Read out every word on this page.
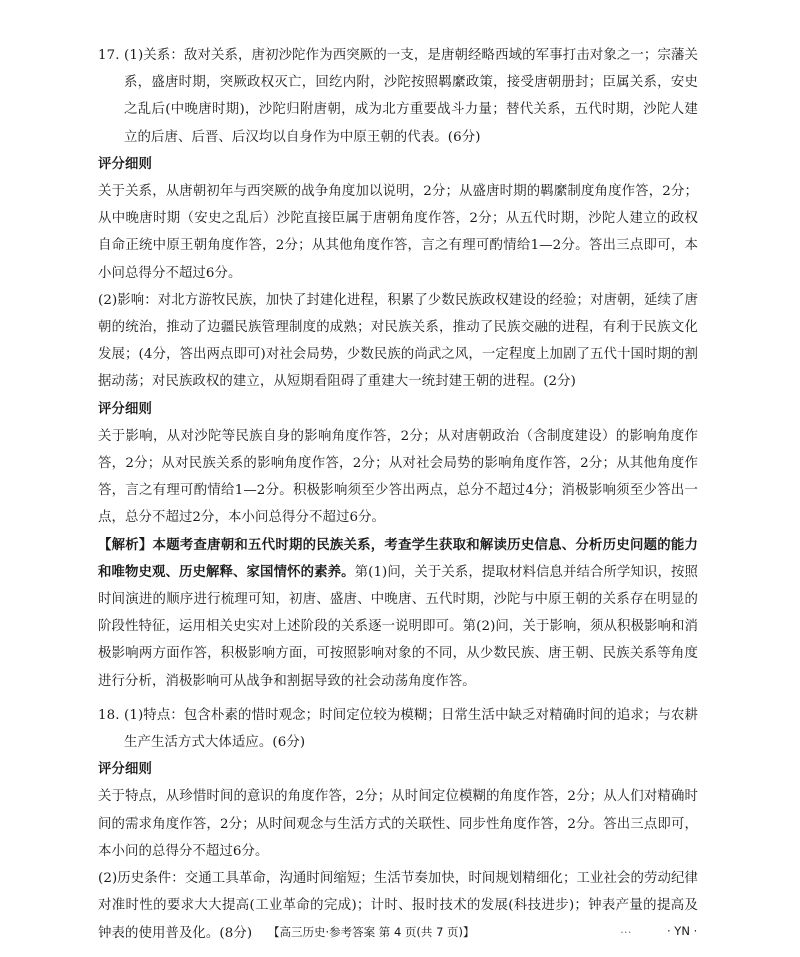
17. (1)关系：敌对关系，唐初沙陀作为西突厥的一支，是唐朝经略西域的军事打击对象之一；宗藩关系，盛唐时期，突厥政权灭亡，回纥内附，沙陀按照羁縻政策，接受唐朝册封；臣属关系，安史之乱后(中晚唐时期)，沙陀归附唐朝，成为北方重要战斗力量；替代关系，五代时期，沙陀人建立的后唐、后晋、后汉均以自身作为中原王朝的代表。(6分)
评分细则
关于关系，从唐朝初年与西突厥的战争角度加以说明，2分；从盛唐时期的羁縻制度角度作答，2分；从中晚唐时期（安史之乱后）沙陀直接臣属于唐朝角度作答，2分；从五代时期，沙陀人建立的政权自命正统中原王朝角度作答，2分；从其他角度作答，言之有理可酌情给1—2分。答出三点即可，本小问总得分不超过6分。
(2)影响：对北方游牧民族，加快了封建化进程，积累了少数民族政权建设的经验；对唐朝，延续了唐朝的统治，推动了边疆民族管理制度的成熟；对民族关系，推动了民族交融的进程，有利于民族文化发展；(4分，答出两点即可)对社会局势，少数民族的尚武之风，一定程度上加剧了五代十国时期的割据动荡；对民族政权的建立，从短期看阻碍了重建大一统封建王朝的进程。(2分)
评分细则
关于影响，从对沙陀等民族自身的影响角度作答，2分；从对唐朝政治（含制度建设）的影响角度作答，2分；从对民族关系的影响角度作答，2分；从对社会局势的影响角度作答，2分；从其他角度作答，言之有理可酌情给1—2分。积极影响须至少答出两点，总分不超过4分；消极影响须至少答出一点，总分不超过2分，本小问总得分不超过6分。
【解析】本题考查唐朝和五代时期的民族关系，考查学生获取和解读历史信息、分析历史问题的能力和唯物史观、历史解释、家国情怀的素养。第(1)问，关于关系，提取材料信息并结合所学知识，按照时间演进的顺序进行梳理可知，初唐、盛唐、中晚唐、五代时期，沙陀与中原王朝的关系存在明显的阶段性特征，运用相关史实对上述阶段的关系逐一说明即可。第(2)问，关于影响，须从积极影响和消极影响两方面作答，积极影响方面，可按照影响对象的不同，从少数民族、唐王朝、民族关系等角度进行分析，消极影响可从战争和割据导致的社会动荡角度作答。
18. (1)特点：包含朴素的惜时观念；时间定位较为模糊；日常生活中缺乏对精确时间的追求；与农耕生产生活方式大体适应。(6分)
评分细则
关于特点，从珍惜时间的意识的角度作答，2分；从时间定位模糊的角度作答，2分；从人们对精确时间的需求角度作答，2分；从时间观念与生活方式的关联性、同步性角度作答，2分。答出三点即可，本小问的总得分不超过6分。
(2)历史条件：交通工具革命，沟通时间缩短；生活节奏加快，时间规划精细化；工业社会的劳动纪律对准时性的要求大大提高(工业革命的完成)；计时、报时技术的发展(科技进步)；钟表产量的提高及钟表的使用普及化。(8分)	【高三历史·参考答案 第 4 页(共 7 页)】	…	· YN ·
